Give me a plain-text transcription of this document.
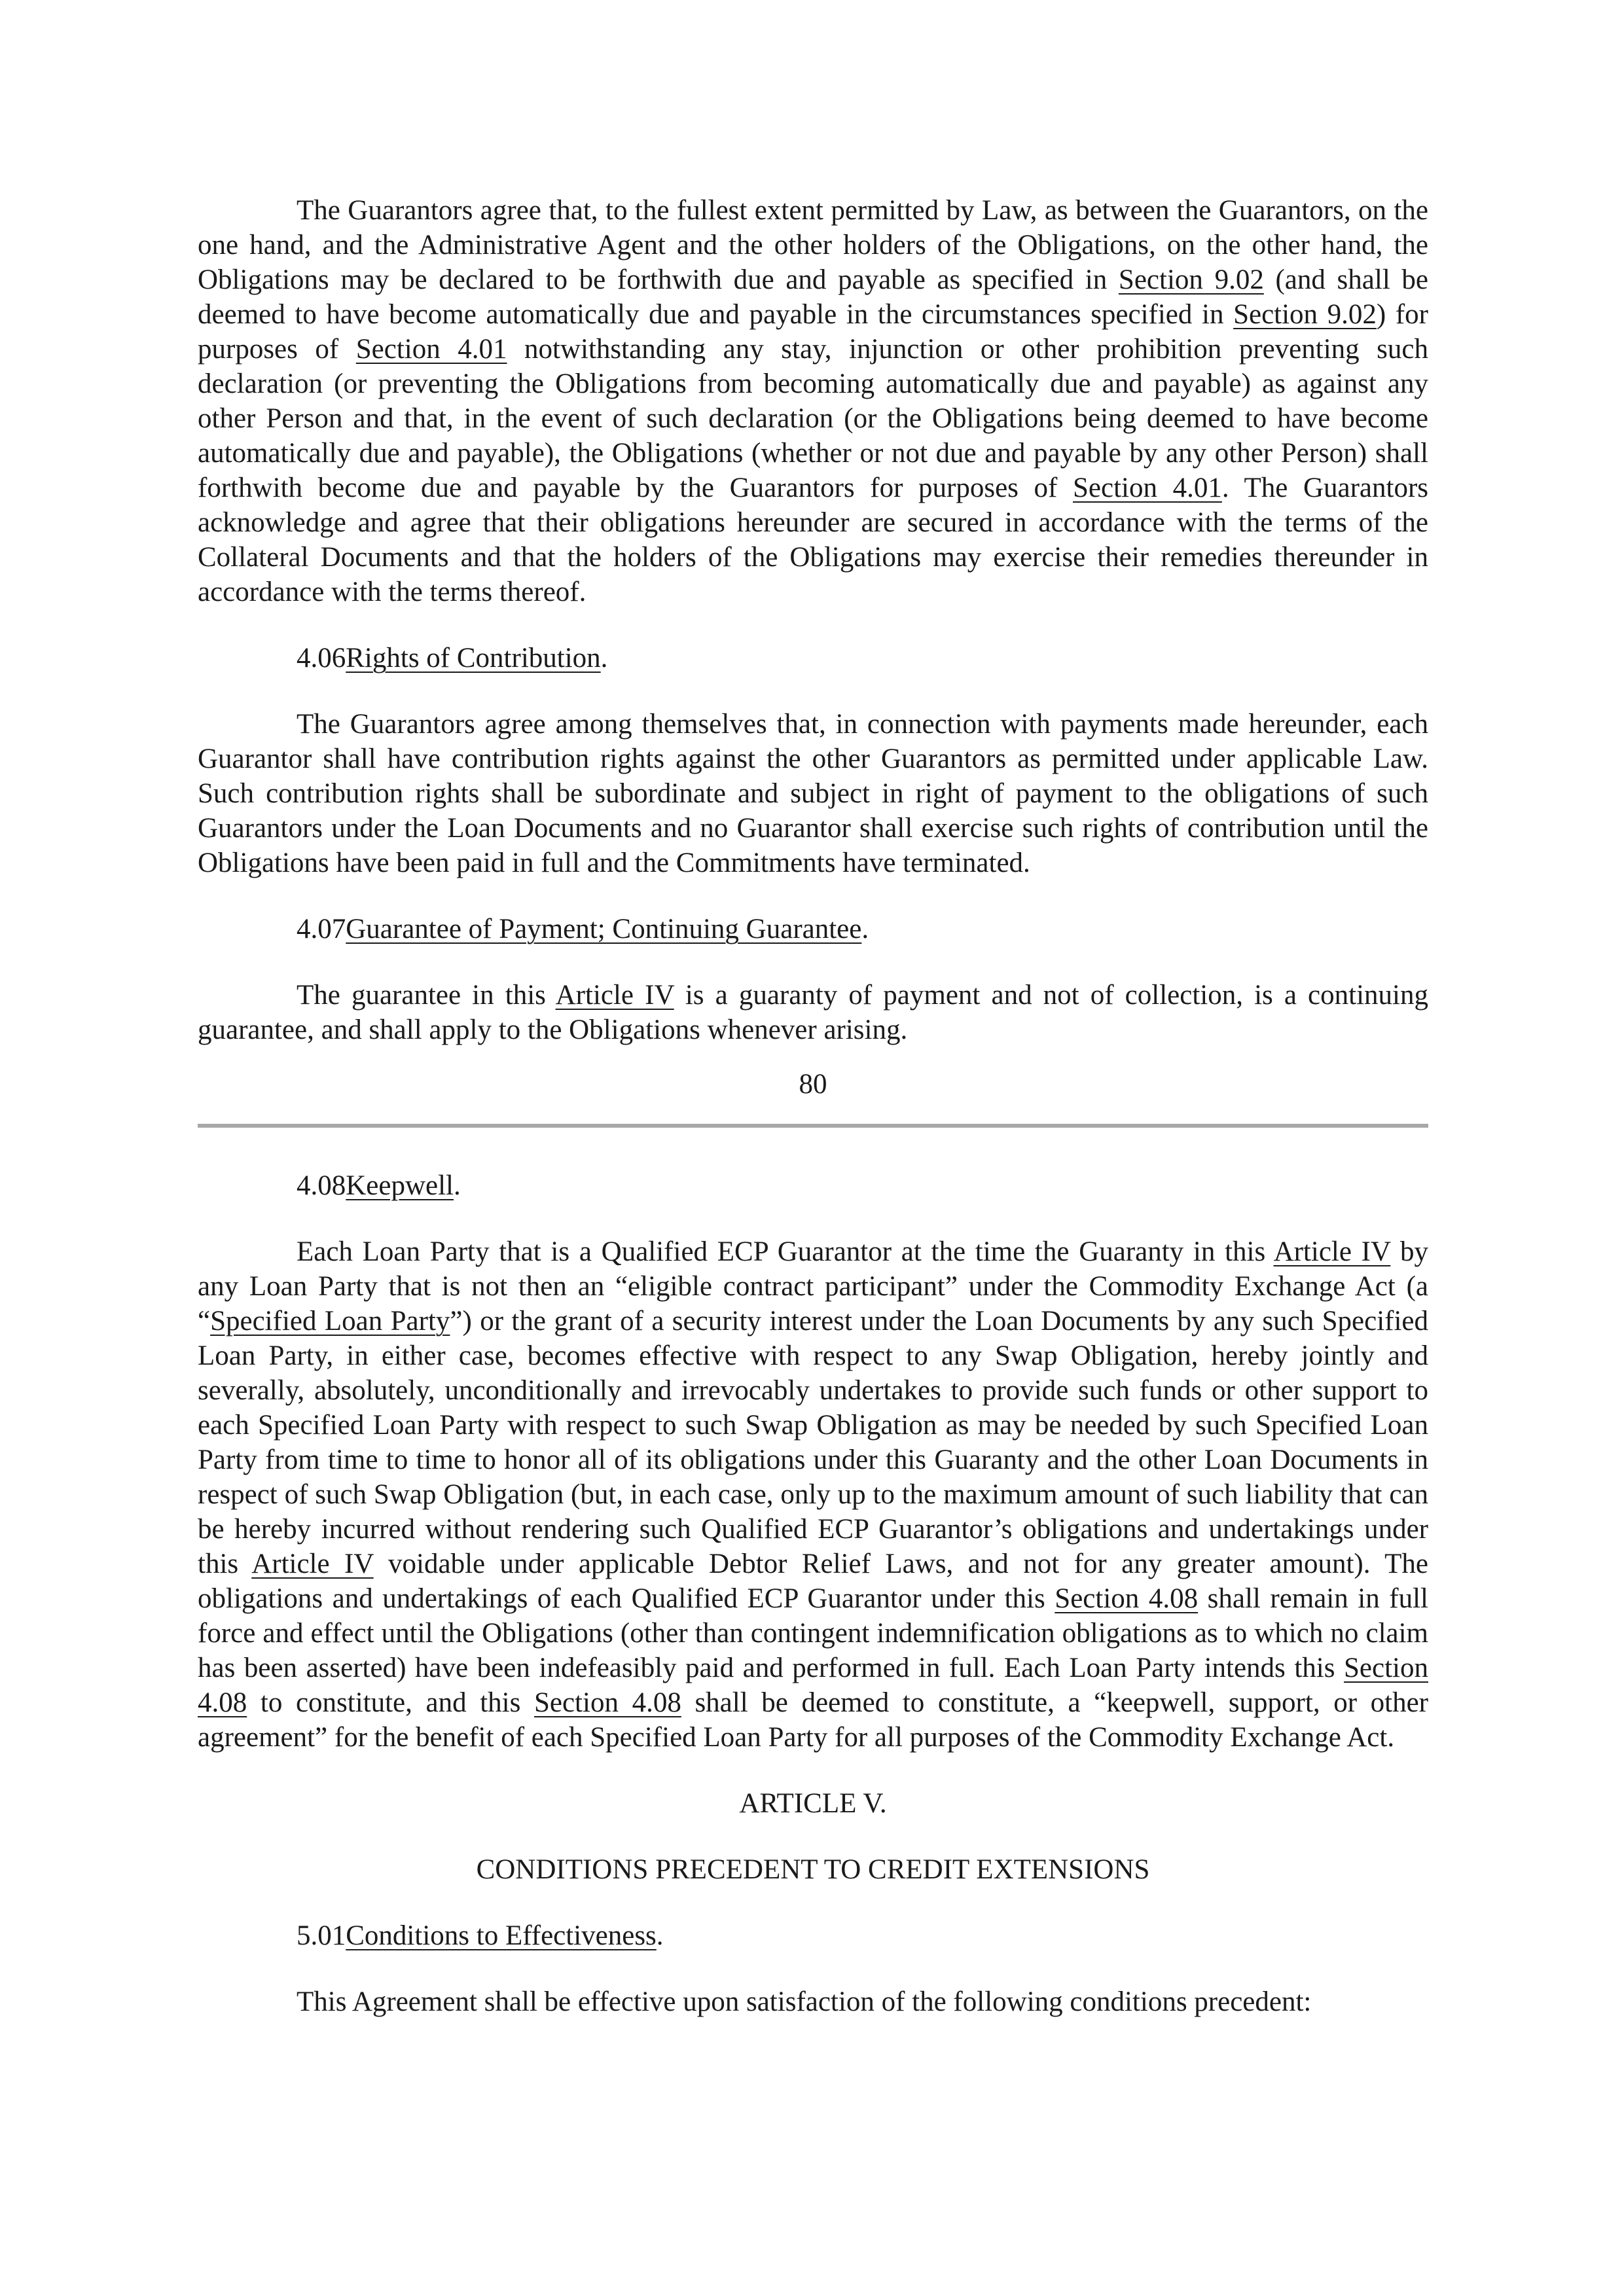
The Guarantors agree that, to the fullest extent permitted by Law, as between the Guarantors, on the one hand, and the Administrative Agent and the other holders of the Obligations, on the other hand, the Obligations may be declared to be forthwith due and payable as specified in Section 9.02 (and shall be deemed to have become automatically due and payable in the circumstances specified in Section 9.02) for purposes of Section 4.01 notwithstanding any stay, injunction or other prohibition preventing such declaration (or preventing the Obligations from becoming automatically due and payable) as against any other Person and that, in the event of such declaration (or the Obligations being deemed to have become automatically due and payable), the Obligations (whether or not due and payable by any other Person) shall forthwith become due and payable by the Guarantors for purposes of Section 4.01. The Guarantors acknowledge and agree that their obligations hereunder are secured in accordance with the terms of the Collateral Documents and that the holders of the Obligations may exercise their remedies thereunder in accordance with the terms thereof.

4.06Rights of Contribution.

The Guarantors agree among themselves that, in connection with payments made hereunder, each Guarantor shall have contribution rights against the other Guarantors as permitted under applicable Law. Such contribution rights shall be subordinate and subject in right of payment to the obligations of such Guarantors under the Loan Documents and no Guarantor shall exercise such rights of contribution until the Obligations have been paid in full and the Commitments have terminated.

4.07Guarantee of Payment; Continuing Guarantee.

The guarantee in this Article IV is a guaranty of payment and not of collection, is a continuing guarantee, and shall apply to the Obligations whenever arising.

80

4.08Keepwell.

Each Loan Party that is a Qualified ECP Guarantor at the time the Guaranty in this Article IV by any Loan Party that is not then an “eligible contract participant” under the Commodity Exchange Act (a “Specified Loan Party”) or the grant of a security interest under the Loan Documents by any such Specified Loan Party, in either case, becomes effective with respect to any Swap Obligation, hereby jointly and severally, absolutely, unconditionally and irrevocably undertakes to provide such funds or other support to each Specified Loan Party with respect to such Swap Obligation as may be needed by such Specified Loan Party from time to time to honor all of its obligations under this Guaranty and the other Loan Documents in respect of such Swap Obligation (but, in each case, only up to the maximum amount of such liability that can be hereby incurred without rendering such Qualified ECP Guarantor’s obligations and undertakings under this Article IV voidable under applicable Debtor Relief Laws, and not for any greater amount). The obligations and undertakings of each Qualified ECP Guarantor under this Section 4.08 shall remain in full force and effect until the Obligations (other than contingent indemnification obligations as to which no claim has been asserted) have been indefeasibly paid and performed in full. Each Loan Party intends this Section 4.08 to constitute, and this Section 4.08 shall be deemed to constitute, a “keepwell, support, or other agreement” for the benefit of each Specified Loan Party for all purposes of the Commodity Exchange Act.

ARTICLE V.

CONDITIONS PRECEDENT TO CREDIT EXTENSIONS

5.01Conditions to Effectiveness.

This Agreement shall be effective upon satisfaction of the following conditions precedent:
